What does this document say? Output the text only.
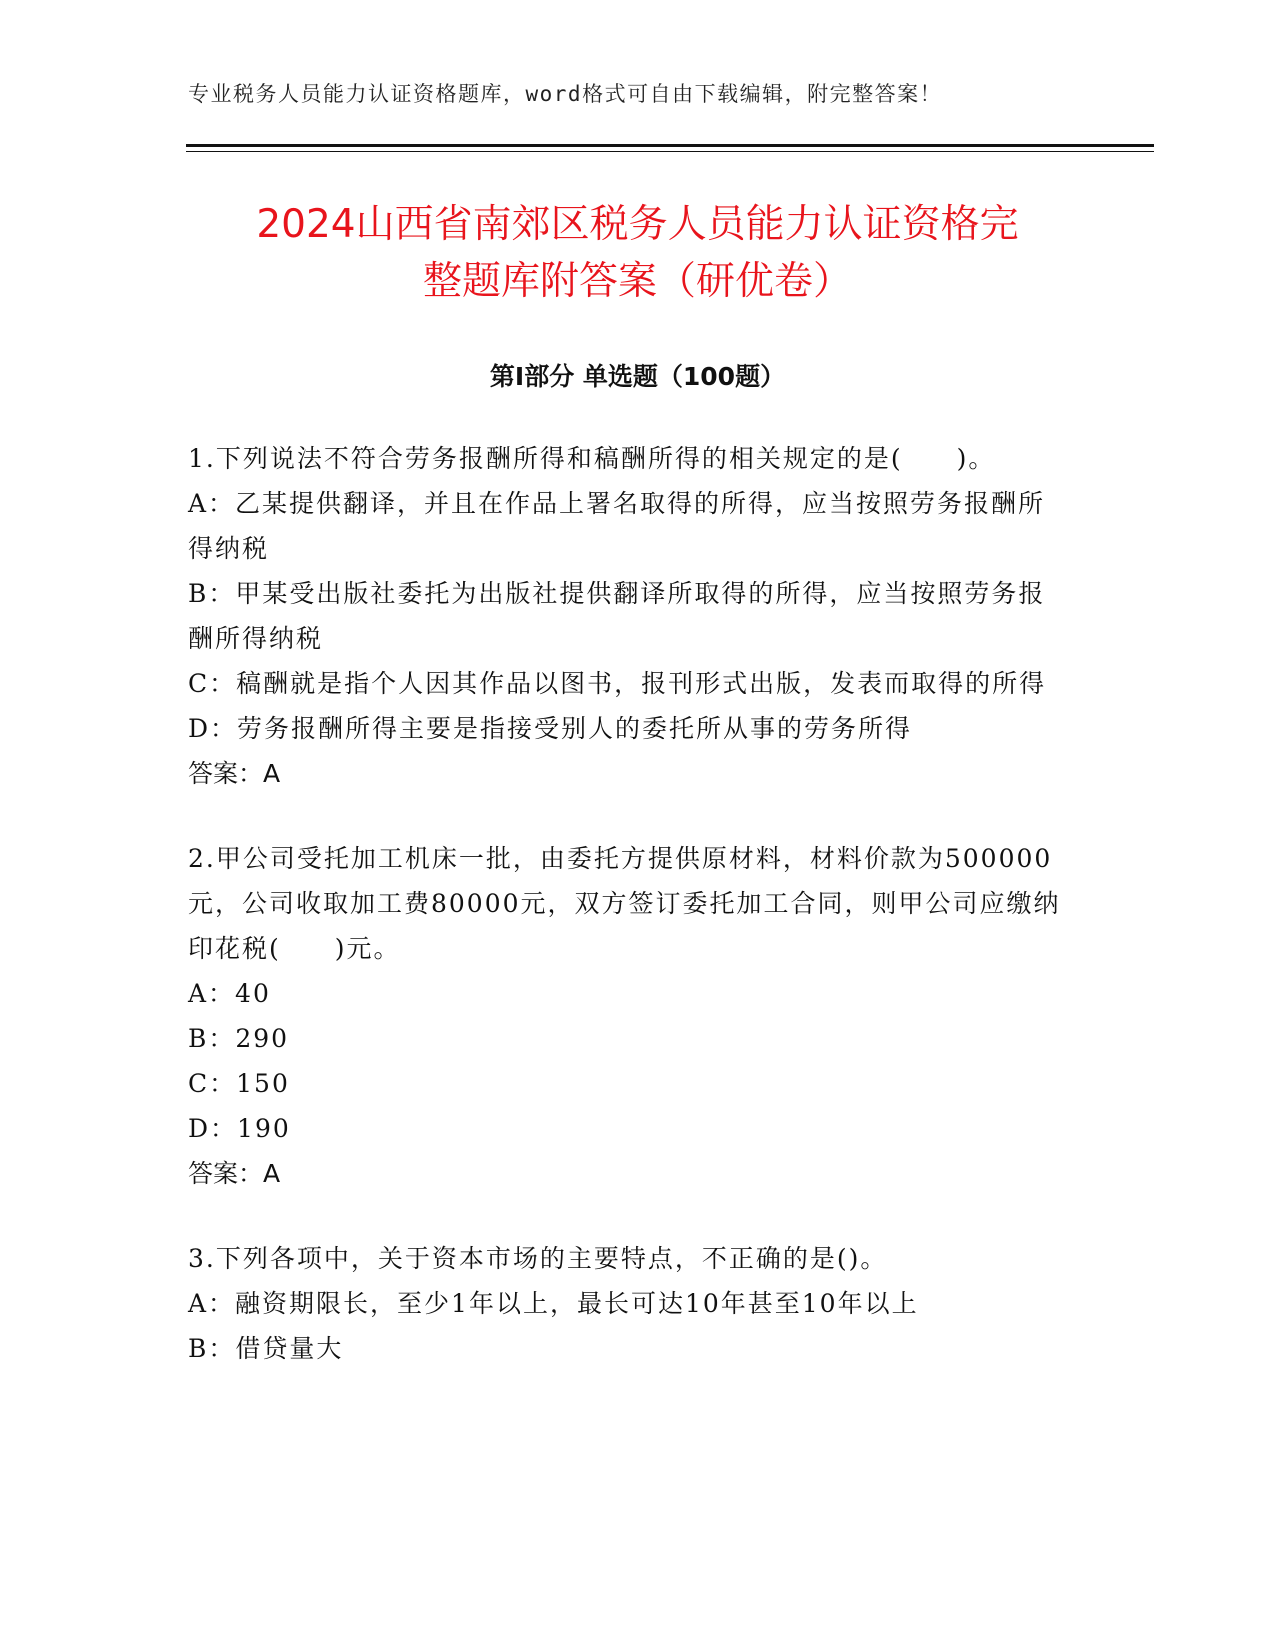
专业税务人员能力认证资格题库，word格式可自由下载编辑，附完整答案！
2024山西省南郊区税务人员能力认证资格完
整题库附答案（研优卷）
第Ⅰ部分 单选题（100题）

1.下列说法不符合劳务报酬所得和稿酬所得的相关规定的是(　　)。

A：乙某提供翻译，并且在作品上署名取得的所得，应当按照劳务报酬所得纳税

B：甲某受出版社委托为出版社提供翻译所取得的所得，应当按照劳务报酬所得纳税

C：稿酬就是指个人因其作品以图书，报刊形式出版，发表而取得的所得

D：劳务报酬所得主要是指接受别人的委托所从事的劳务所得

答案：A

2.甲公司受托加工机床一批，由委托方提供原材料，材料价款为500000元，公司收取加工费80000元，双方签订委托加工合同，则甲公司应缴纳印花税(　　)元。

A：40

B：290

C：150

D：190

答案：A

3.下列各项中，关于资本市场的主要特点，不正确的是()。

A：融资期限长，至少1年以上，最长可达10年甚至10年以上

B：借贷量大
